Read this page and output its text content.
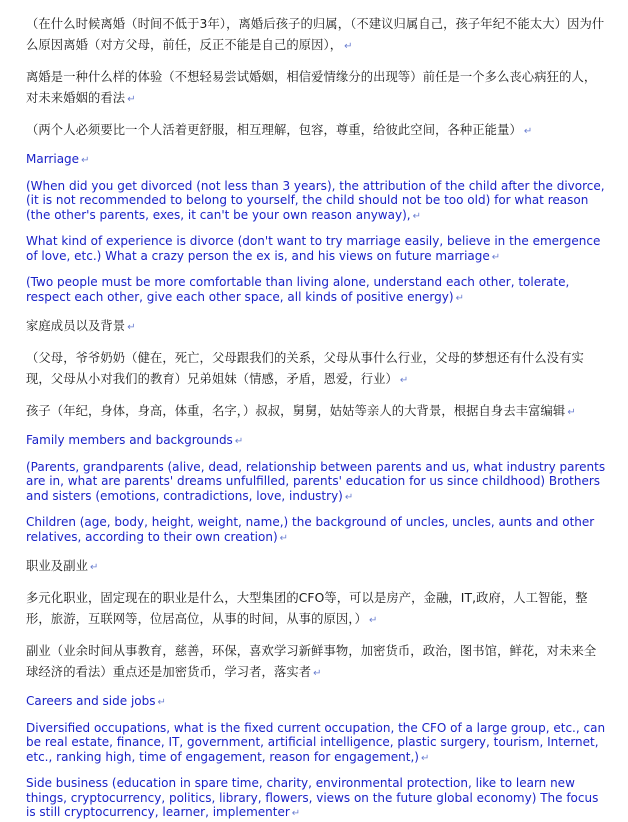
（在什么时候离婚（时间不低于3年），离婚后孩子的归属，（不建议归属自己，孩子年纪不能太大）因为什么原因离婚（对方父母，前任，反正不能是自己的原因）， ↵

离婚是一种什么样的体验（不想轻易尝试婚姻，相信爱情缘分的出现等）前任是一个多么丧心病狂的人，对未来婚姻的看法 ↵

（两个人必须要比一个人活着更舒服，相互理解，包容，尊重，给彼此空间，各种正能量） ↵

Marriage ↵

(When did you get divorced (not less than 3 years), the attribution of the child after the divorce, (it is not recommended to belong to yourself, the child should not be too old) for what reason (the other's parents, exes, it can't be your own reason anyway), ↵

What kind of experience is divorce (don't want to try marriage easily, believe in the emergence of love, etc.) What a crazy person the ex is, and his views on future marriage ↵

(Two people must be more comfortable than living alone, understand each other, tolerate, respect each other, give each other space, all kinds of positive energy) ↵

家庭成员以及背景 ↵

（父母，爷爷奶奶（健在，死亡，父母跟我们的关系，父母从事什么行业，父母的梦想还有什么没有实现，父母从小对我们的教育）兄弟姐妹（情感，矛盾，恩爱，行业） ↵

孩子（年纪，身体，身高，体重，名字，）叔叔，舅舅，姑姑等亲人的大背景，根据自身去丰富编辑 ↵

Family members and backgrounds ↵

(Parents, grandparents (alive, dead, relationship between parents and us, what industry parents are in, what are parents' dreams unfulfilled, parents' education for us since childhood) Brothers and sisters (emotions, contradictions, love, industry) ↵

Children (age, body, height, weight, name,) the background of uncles, uncles, aunts and other relatives, according to their own creation) ↵

职业及副业 ↵

多元化职业，固定现在的职业是什么，大型集团的CFO等，可以是房产，金融，IT,政府，人工智能，整形，旅游，互联网等，位居高位，从事的时间，从事的原因，） ↵

副业（业余时间从事教育，慈善，环保，喜欢学习新鲜事物，加密货币，政治，图书馆，鲜花，对未来全球经济的看法）重点还是加密货币，学习者，落实者 ↵

Careers and side jobs ↵

Diversified occupations, what is the fixed current occupation, the CFO of a large group, etc., can be real estate, finance, IT, government, artificial intelligence, plastic surgery, tourism, Internet, etc., ranking high, time of engagement, reason for engagement,) ↵

Side business (education in spare time, charity, environmental protection, like to learn new things, cryptocurrency, politics, library, flowers, views on the future global economy) The focus is still cryptocurrency, learner, implementer ↵
